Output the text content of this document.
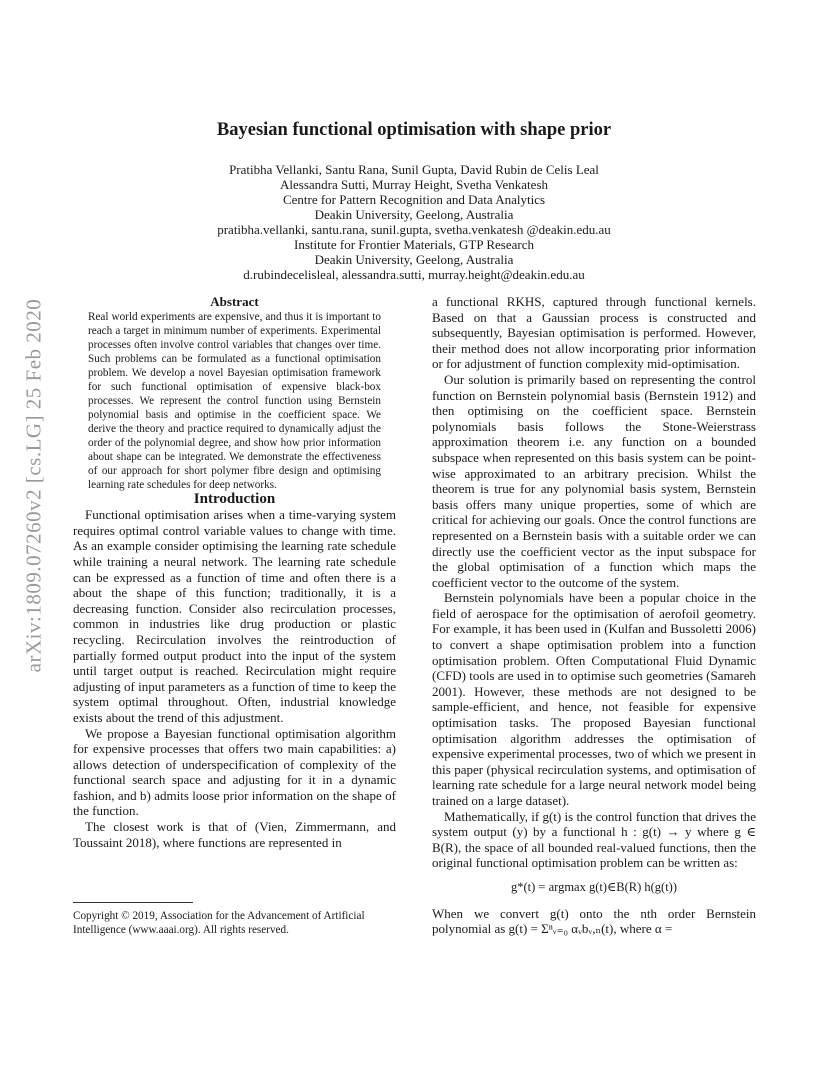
arXiv:1809.07260v2 [cs.LG] 25 Feb 2020
Bayesian functional optimisation with shape prior
Pratibha Vellanki, Santu Rana, Sunil Gupta, David Rubin de Celis Leal
Alessandra Sutti, Murray Height, Svetha Venkatesh
Centre for Pattern Recognition and Data Analytics
Deakin University, Geelong, Australia
pratibha.vellanki, santu.rana, sunil.gupta, svetha.venkatesh @deakin.edu.au
Institute for Frontier Materials, GTP Research
Deakin University, Geelong, Australia
d.rubindecelisleal, alessandra.sutti, murray.height@deakin.edu.au

Abstract

Real world experiments are expensive, and thus it is important to reach a target in minimum number of experiments. Experimental processes often involve control variables that changes over time. Such problems can be formulated as a functional optimisation problem. We develop a novel Bayesian optimisation framework for such functional optimisation of expensive black-box processes. We represent the control function using Bernstein polynomial basis and optimise in the coefficient space. We derive the theory and practice required to dynamically adjust the order of the polynomial degree, and show how prior information about shape can be integrated. We demonstrate the effectiveness of our approach for short polymer fibre design and optimising learning rate schedules for deep networks.

Introduction

Functional optimisation arises when a time-varying system requires optimal control variable values to change with time. As an example consider optimising the learning rate schedule while training a neural network. The learning rate schedule can be expressed as a function of time and often there is a about the shape of this function; traditionally, it is a decreasing function. Consider also recirculation processes, common in industries like drug production or plastic recycling. Recirculation involves the reintroduction of partially formed output product into the input of the system until target output is reached. Recirculation might require adjusting of input parameters as a function of time to keep the system optimal throughout. Often, industrial knowledge exists about the trend of this adjustment.

We propose a Bayesian functional optimisation algorithm for expensive processes that offers two main capabilities: a) allows detection of underspecification of complexity of the functional search space and adjusting for it in a dynamic fashion, and b) admits loose prior information on the shape of the function.

The closest work is that of (Vien, Zimmermann, and Toussaint 2018), where functions are represented in

Copyright © 2019, Association for the Advancement of Artificial Intelligence (www.aaai.org). All rights reserved.

a functional RKHS, captured through functional kernels. Based on that a Gaussian process is constructed and subsequently, Bayesian optimisation is performed. However, their method does not allow incorporating prior information or for adjustment of function complexity mid-optimisation.

Our solution is primarily based on representing the control function on Bernstein polynomial basis (Bernstein 1912) and then optimising on the coefficient space. Bernstein polynomials basis follows the Stone-Weierstrass approximation theorem i.e. any function on a bounded subspace when represented on this basis system can be point-wise approximated to an arbitrary precision. Whilst the theorem is true for any polynomial basis system, Bernstein basis offers many unique properties, some of which are critical for achieving our goals. Once the control functions are represented on a Bernstein basis with a suitable order we can directly use the coefficient vector as the input subspace for the global optimisation of a function which maps the coefficient vector to the outcome of the system.

Bernstein polynomials have been a popular choice in the field of aerospace for the optimisation of aerofoil geometry. For example, it has been used in (Kulfan and Bussoletti 2006) to convert a shape optimisation problem into a function optimisation problem. Often Computational Fluid Dynamic (CFD) tools are used in to optimise such geometries (Samareh 2001). However, these methods are not designed to be sample-efficient, and hence, not feasible for expensive optimisation tasks. The proposed Bayesian functional optimisation algorithm addresses the optimisation of expensive experimental processes, two of which we present in this paper (physical recirculation systems, and optimisation of learning rate schedule for a large neural network model being trained on a large dataset).

Mathematically, if g(t) is the control function that drives the system output (y) by a functional h : g(t) → y where g ∈ B(R), the space of all bounded real-valued functions, then the original functional optimisation problem can be written as:

g*(t) = argmax g(t)∈B(R) h(g(t))

When we convert g(t) onto the nth order Bernstein polynomial as g(t) = Σⁿᵥ₌₀ αᵥbᵥ,ₙ(t), where α =
